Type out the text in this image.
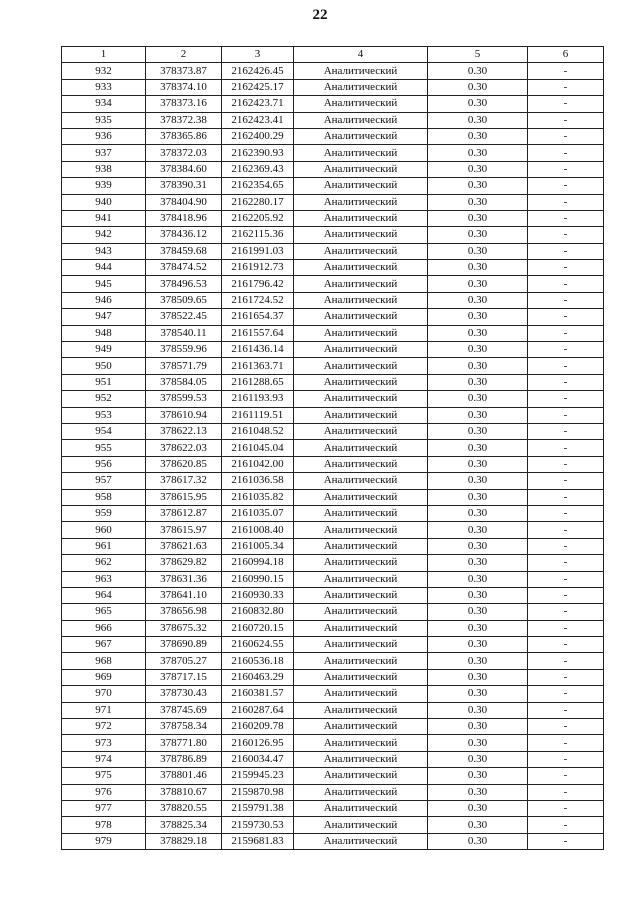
22
1	2	3	4	5	6
932	378373.87	2162426.45	Аналитический	0.30	-
933	378374.10	2162425.17	Аналитический	0.30	-
934	378373.16	2162423.71	Аналитический	0.30	-
935	378372.38	2162423.41	Аналитический	0.30	-
936	378365.86	2162400.29	Аналитический	0.30	-
937	378372.03	2162390.93	Аналитический	0.30	-
938	378384.60	2162369.43	Аналитический	0.30	-
939	378390.31	2162354.65	Аналитический	0.30	-
940	378404.90	2162280.17	Аналитический	0.30	-
941	378418.96	2162205.92	Аналитический	0.30	-
942	378436.12	2162115.36	Аналитический	0.30	-
943	378459.68	2161991.03	Аналитический	0.30	-
944	378474.52	2161912.73	Аналитический	0.30	-
945	378496.53	2161796.42	Аналитический	0.30	-
946	378509.65	2161724.52	Аналитический	0.30	-
947	378522.45	2161654.37	Аналитический	0.30	-
948	378540.11	2161557.64	Аналитический	0.30	-
949	378559.96	2161436.14	Аналитический	0.30	-
950	378571.79	2161363.71	Аналитический	0.30	-
951	378584.05	2161288.65	Аналитический	0.30	-
952	378599.53	2161193.93	Аналитический	0.30	-
953	378610.94	2161119.51	Аналитический	0.30	-
954	378622.13	2161048.52	Аналитический	0.30	-
955	378622.03	2161045.04	Аналитический	0.30	-
956	378620.85	2161042.00	Аналитический	0.30	-
957	378617.32	2161036.58	Аналитический	0.30	-
958	378615.95	2161035.82	Аналитический	0.30	-
959	378612.87	2161035.07	Аналитический	0.30	-
960	378615.97	2161008.40	Аналитический	0.30	-
961	378621.63	2161005.34	Аналитический	0.30	-
962	378629.82	2160994.18	Аналитический	0.30	-
963	378631.36	2160990.15	Аналитический	0.30	-
964	378641.10	2160930.33	Аналитический	0.30	-
965	378656.98	2160832.80	Аналитический	0.30	-
966	378675.32	2160720.15	Аналитический	0.30	-
967	378690.89	2160624.55	Аналитический	0.30	-
968	378705.27	2160536.18	Аналитический	0.30	-
969	378717.15	2160463.29	Аналитический	0.30	-
970	378730.43	2160381.57	Аналитический	0.30	-
971	378745.69	2160287.64	Аналитический	0.30	-
972	378758.34	2160209.78	Аналитический	0.30	-
973	378771.80	2160126.95	Аналитический	0.30	-
974	378786.89	2160034.47	Аналитический	0.30	-
975	378801.46	2159945.23	Аналитический	0.30	-
976	378810.67	2159870.98	Аналитический	0.30	-
977	378820.55	2159791.38	Аналитический	0.30	-
978	378825.34	2159730.53	Аналитический	0.30	-
979	378829.18	2159681.83	Аналитический	0.30	-
